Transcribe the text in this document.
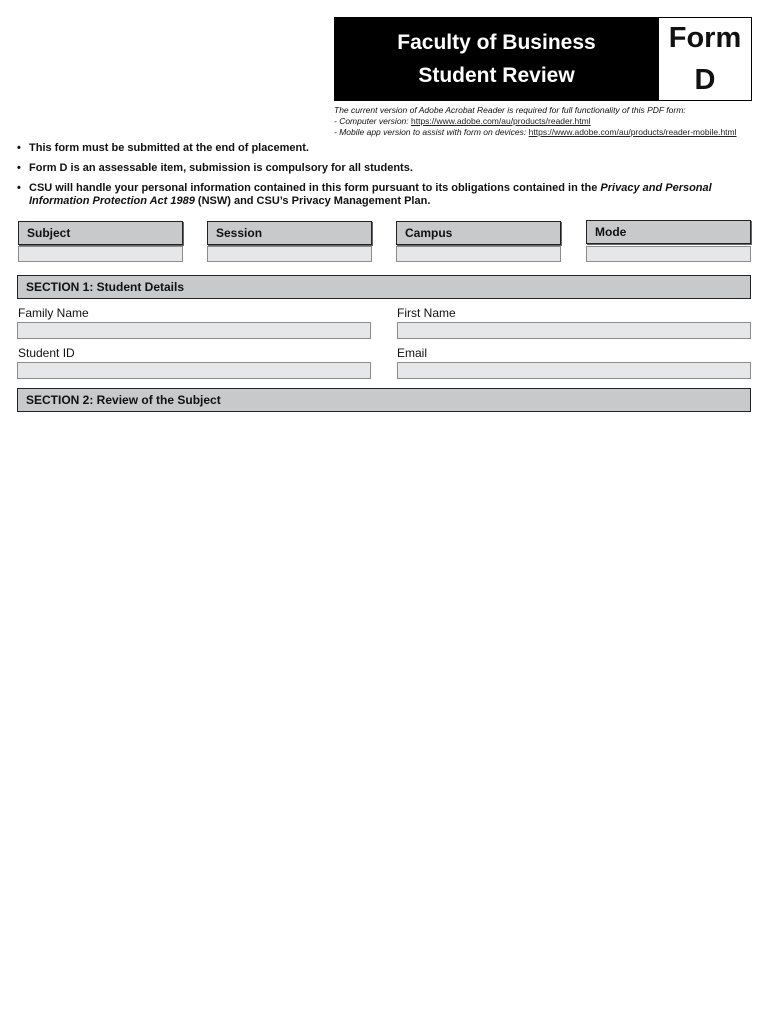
Faculty of Business
Student Review
Form
D
The current version of Adobe Acrobat Reader is required for full functionality of this PDF form:
- Computer version: https://www.adobe.com/au/products/reader.html
- Mobile app version to assist with form on devices: https://www.adobe.com/au/products/reader-mobile.html
• This form must be submitted at the end of placement.
• Form D is an assessable item, submission is compulsory for all students.
• CSU will handle your personal information contained in this form pursuant to its obligations contained in the Privacy and Personal Information Protection Act 1989 (NSW) and CSU’s Privacy Management Plan.
Subject	Session	Campus	Mode
SECTION 1: Student Details
Family Name	First Name
Student ID	Email
SECTION 2: Review of the Subject
